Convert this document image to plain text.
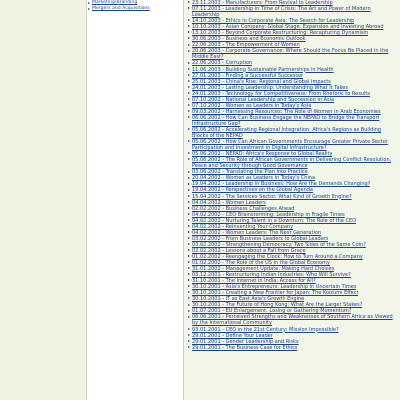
Marketing/Branding
Mergers and Acquisitions
23.11.2003 - Manufacturers: From Revival to Leadership
07.11.2003 - Leadership in Time of Crisis: The Art and Power of Modern Leadership
14.10.2003 - Ethics in Corporate Asia: The Search for Leadership
10.10.2003 - Asian Company: Global Stage: Expansion and Investing Abroad
13.10.2003 - Beyond Corporate Restructuring: Recapturing Dynamism
30.06.2003 - Business and Economic Outlook
22.06.2003 - The Empowerment of Women
20.06.2003 - Corporate Governance: Where Should the Focus Be Placed in the Middle East?
22.06.2003 - Corruption
11.06.2003 - Building Sustainable Partnerships in Health
27.01.2003 - Finding a Successful Successor
25.01.2003 - China's Rise: Regional and Global Impacts
24.01.2003 - Lasting Leadership: Understanding What It Takes
24.01.2003 - Technology for Competitiveness: From Rhetoric to Results
07.10.2002 - National Leadership and Succession in Asia
07.10.2002 - Women as Leaders in Today's Asia
09.03.2002 - Harnessing Resources: The Role of Women in Arab Economies
06.06.2002 - How Can Business Engage the NEPAD to Bridge the Transport Infrastructure Gap?
05.06.2002 - Accelerating Regional Integration: Africa's Regions as Building Blocks of the NEPAD
05.06.2002 - How Can African Governments Encourage Greater Private Sector Participation and Investment in Digital Infrastructure?
05.06.2002 - NEPAD: Africa's Response to Global Reality
05.06.2002 - The Role of African Governments in Delivering Conflict Resolution, Peace and Security through Good Governance
03.06.2002 - Translating the Plan into Practice
20.04.2002 - Women as Leaders in Today's China
19.04.2002 - Leadership in Business: How Are the Demands Changing?
19.04.2002 - Perspectives on the Global Agenda
15.04.2002 - The Services Sector: What Kind of Growth Engine?
04.04.2002 - Women Leaders
02.02.2002 - Business Challenges Ahead
04.02.2002 - CEO Brainstorming: Leadership in Fragile Times
04.02.2002 - Nurturing Talent in a Downturn: The Role of the CEO
04.02.2002 - Reinventing Your Company
04.02.2002 - Women Leaders: The Next Generation
03.02.2002 - From Business Leaders to Global Leaders
03.02.2002 - Strengthening Democracy: Two Sides of the Same Coin?
02.02.2002 - Lessons about a Fall from Grace
01.02.2002 - Reengaging the Clock: How to Turn Around a Company
01.02.2002 - The Role of the US in the Global Economy
31.01.2002 - Management Update: Making Hard Choices
03.12.2001 - Restructuring Indian Industries: Who Will Survive?
31.10.2001 - The Internet in India: Access for All?
30.10.2001 - Asia's Entrepreneurs: Leadership in Uncertain Times
30.10.2001 - Creating a New Frontier for Japan: The Koizumi Effect
30.10.2001 - IT as East Asia's Growth Engine
30.10.2001 - The Future of Hong Kong: What Are the Larger Stakes?
01.07.2001 - EU Enlargement: Losing or Gathering Momentum?
06.06.2001 - Perceived Strengths and Weaknesses of Southern Africa as Viewed by the International Community
03.01.2001 - CEO in the 21st Century: Mission Impossible?
29.01.2001 - Define Your Leader
29.01.2001 - Gender Leadership and Risks
29.01.2001 - The Business Case for Ethics
